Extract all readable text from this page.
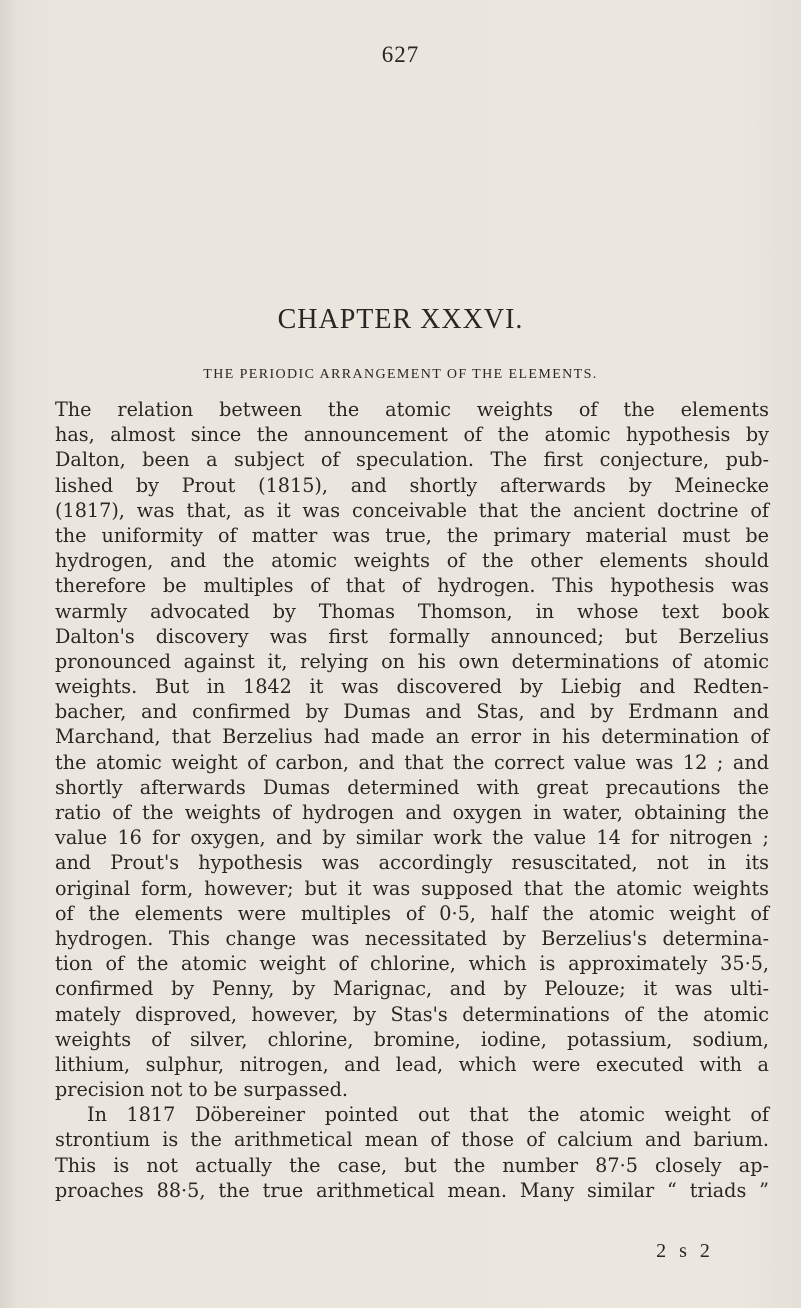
627
CHAPTER XXXVI.
THE PERIODIC ARRANGEMENT OF THE ELEMENTS.
The relation between the atomic weights of the elements
has, almost since the announcement of the atomic hypothesis by
Dalton, been a subject of speculation. The first conjecture, pub-
lished by Prout (1815), and shortly afterwards by Meinecke
(1817), was that, as it was conceivable that the ancient doctrine of
the uniformity of matter was true, the primary material must be
hydrogen, and the atomic weights of the other elements should
therefore be multiples of that of hydrogen. This hypothesis was
warmly advocated by Thomas Thomson, in whose text book
Dalton's discovery was first formally announced; but Berzelius
pronounced against it, relying on his own determinations of atomic
weights. But in 1842 it was discovered by Liebig and Redten-
bacher, and confirmed by Dumas and Stas, and by Erdmann and
Marchand, that Berzelius had made an error in his determination of
the atomic weight of carbon, and that the correct value was 12 ; and
shortly afterwards Dumas determined with great precautions the
ratio of the weights of hydrogen and oxygen in water, obtaining the
value 16 for oxygen, and by similar work the value 14 for nitrogen ;
and Prout's hypothesis was accordingly resuscitated, not in its
original form, however; but it was supposed that the atomic weights
of the elements were multiples of 0·5, half the atomic weight of
hydrogen. This change was necessitated by Berzelius's determina-
tion of the atomic weight of chlorine, which is approximately 35·5,
confirmed by Penny, by Marignac, and by Pelouze; it was ulti-
mately disproved, however, by Stas's determinations of the atomic
weights of silver, chlorine, bromine, iodine, potassium, sodium,
lithium, sulphur, nitrogen, and lead, which were executed with a
precision not to be surpassed.
In 1817 Döbereiner pointed out that the atomic weight of
strontium is the arithmetical mean of those of calcium and barium.
This is not actually the case, but the number 87·5 closely ap-
proaches 88·5, the true arithmetical mean. Many similar “ triads ”
2 s 2
